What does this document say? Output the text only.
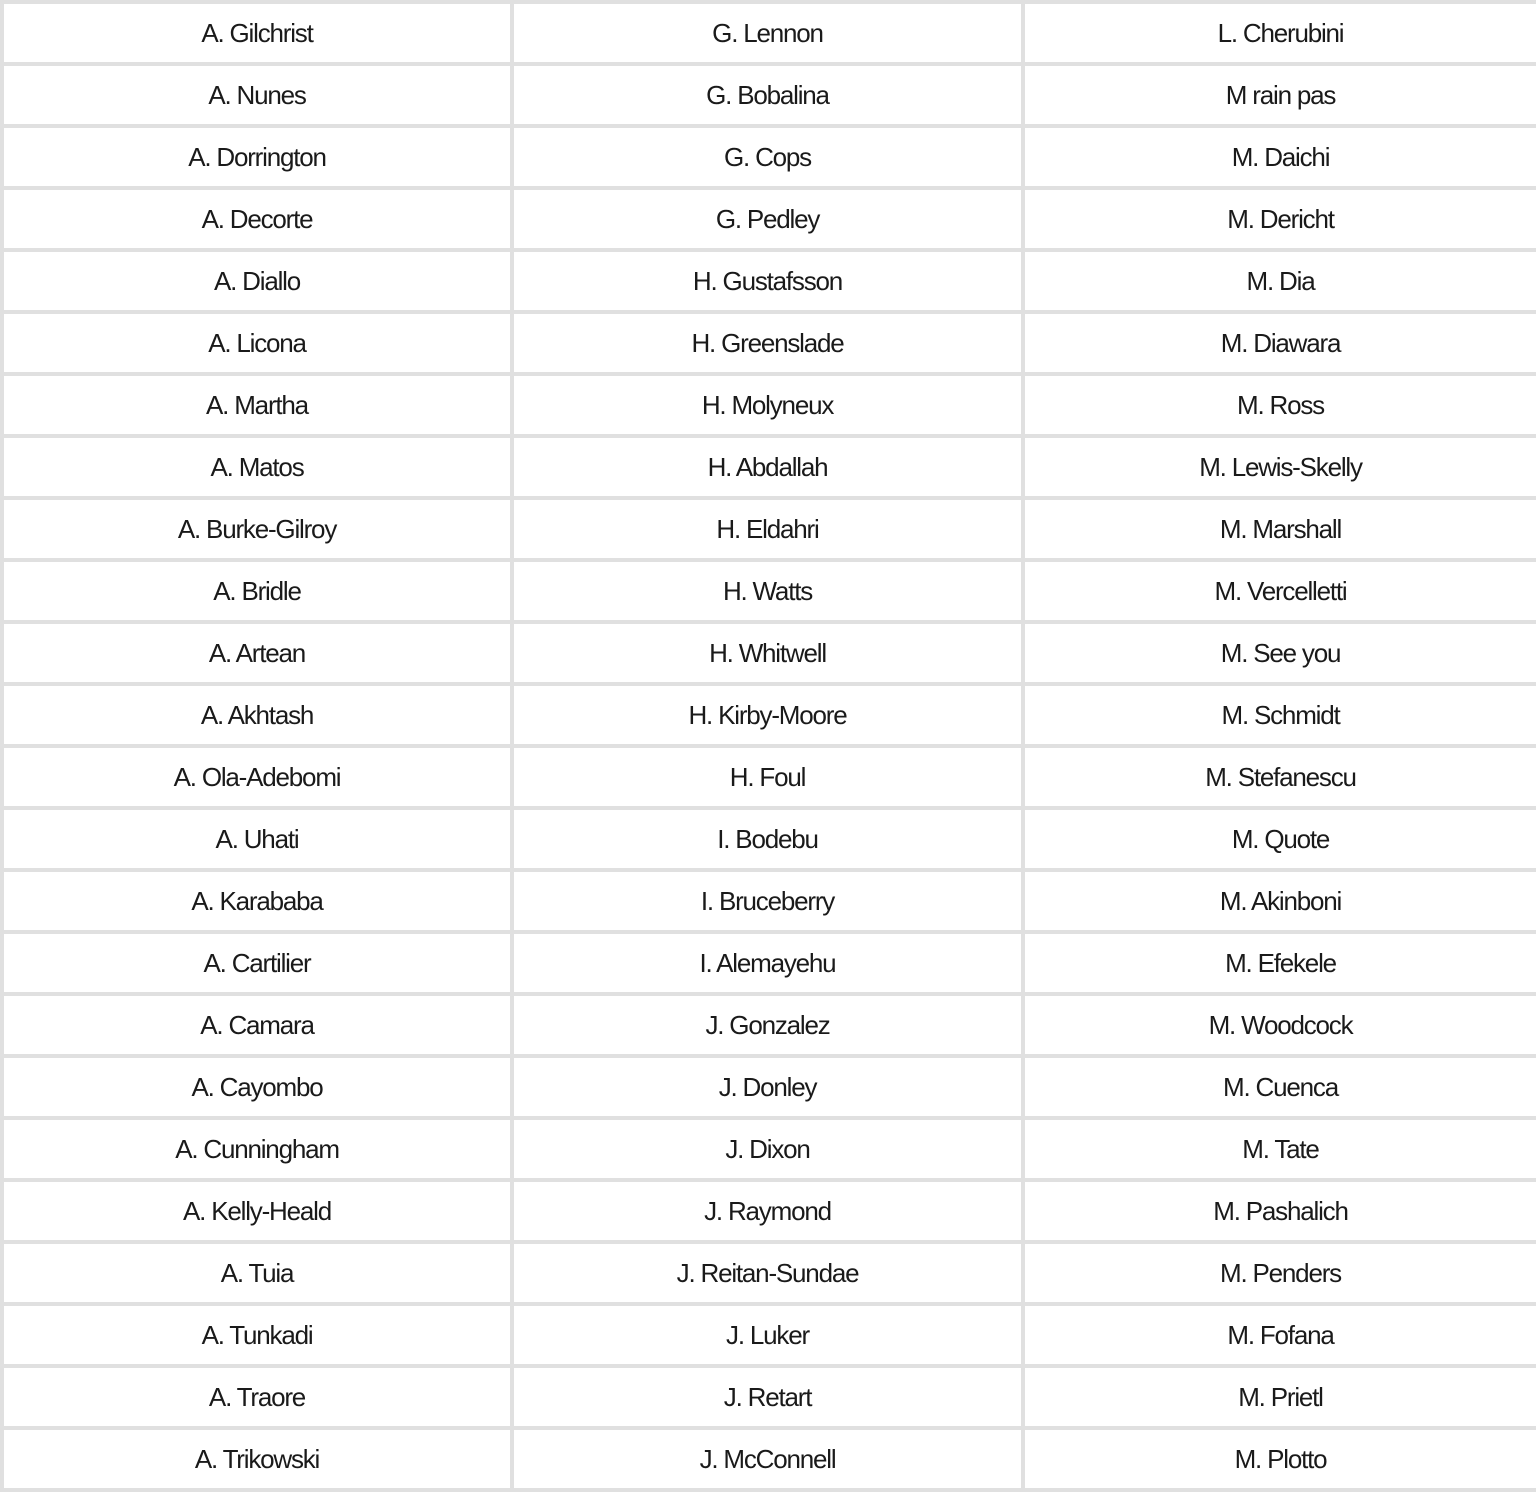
A. Gilchrist	G. Lennon	L. Cherubini
A. Nunes	G. Bobalina	M rain pas
A. Dorrington	G. Cops	M. Daichi
A. Decorte	G. Pedley	M. Dericht
A. Diallo	H. Gustafsson	M. Dia
A. Licona	H. Greenslade	M. Diawara
A. Martha	H. Molyneux	M. Ross
A. Matos	H. Abdallah	M. Lewis-Skelly
A. Burke-Gilroy	H. Eldahri	M. Marshall
A. Bridle	H. Watts	M. Vercelletti
A. Artean	H. Whitwell	M. See you
A. Akhtash	H. Kirby-Moore	M. Schmidt
A. Ola-Adebomi	H. Foul	M. Stefanescu
A. Uhati	I. Bodebu	M. Quote
A. Karababa	I. Bruceberry	M. Akinboni
A. Cartilier	I. Alemayehu	M. Efekele
A. Camara	J. Gonzalez	M. Woodcock
A. Cayombo	J. Donley	M. Cuenca
A. Cunningham	J. Dixon	M. Tate
A. Kelly-Heald	J. Raymond	M. Pashalich
A. Tuia	J. Reitan-Sundae	M. Penders
A. Tunkadi	J. Luker	M. Fofana
A. Traore	J. Retart	M. Prietl
A. Trikowski	J. McConnell	M. Plotto
